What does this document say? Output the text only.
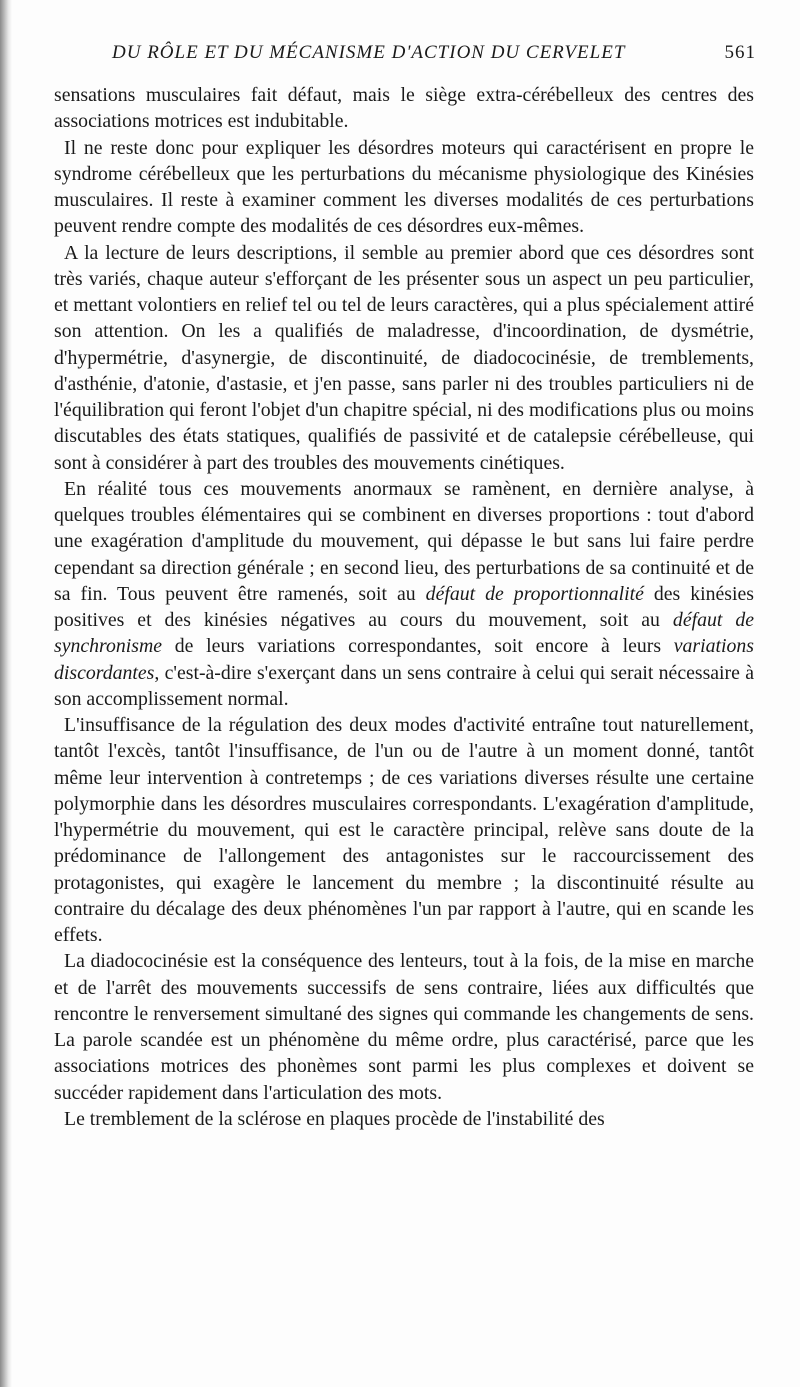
DU RÔLE ET DU MÉCANISME D'ACTION DU CERVELET	561

sensations musculaires fait défaut, mais le siège extra-cérébelleux des centres des associations motrices est indubitable.

Il ne reste donc pour expliquer les désordres moteurs qui caractérisent en propre le syndrome cérébelleux que les perturbations du mécanisme physiologique des Kinésies musculaires. Il reste à examiner comment les diverses modalités de ces perturbations peuvent rendre compte des modalités de ces désordres eux-mêmes.

A la lecture de leurs descriptions, il semble au premier abord que ces désordres sont très variés, chaque auteur s'efforçant de les présenter sous un aspect un peu particulier, et mettant volontiers en relief tel ou tel de leurs caractères, qui a plus spécialement attiré son attention. On les a qualifiés de maladresse, d'incoordination, de dysmétrie, d'hypermétrie, d'asynergie, de discontinuité, de diadococinésie, de tremblements, d'asthénie, d'atonie, d'astasie, et j'en passe, sans parler ni des troubles particuliers ni de l'équilibration qui feront l'objet d'un chapitre spécial, ni des modifications plus ou moins discutables des états statiques, qualifiés de passivité et de catalepsie cérébelleuse, qui sont à considérer à part des troubles des mouvements cinétiques.

En réalité tous ces mouvements anormaux se ramènent, en dernière analyse, à quelques troubles élémentaires qui se combinent en diverses proportions : tout d'abord une exagération d'amplitude du mouvement, qui dépasse le but sans lui faire perdre cependant sa direction générale ; en second lieu, des perturbations de sa continuité et de sa fin. Tous peuvent être ramenés, soit au défaut de proportionnalité des kinésies positives et des kinésies négatives au cours du mouvement, soit au défaut de synchronisme de leurs variations correspondantes, soit encore à leurs variations discordantes, c'est-à-dire s'exerçant dans un sens contraire à celui qui serait nécessaire à son accomplissement normal.

L'insuffisance de la régulation des deux modes d'activité entraîne tout naturellement, tantôt l'excès, tantôt l'insuffisance, de l'un ou de l'autre à un moment donné, tantôt même leur intervention à contretemps ; de ces variations diverses résulte une certaine polymorphie dans les désordres musculaires correspondants. L'exagération d'amplitude, l'hypermétrie du mouvement, qui est le caractère principal, relève sans doute de la prédominance de l'allongement des antagonistes sur le raccourcissement des protagonistes, qui exagère le lancement du membre ; la discontinuité résulte au contraire du décalage des deux phénomènes l'un par rapport à l'autre, qui en scande les effets.

La diadococinésie est la conséquence des lenteurs, tout à la fois, de la mise en marche et de l'arrêt des mouvements successifs de sens contraire, liées aux difficultés que rencontre le renversement simultané des signes qui commande les changements de sens. La parole scandée est un phénomène du même ordre, plus caractérisé, parce que les associations motrices des phonèmes sont parmi les plus complexes et doivent se succéder rapidement dans l'articulation des mots.

Le tremblement de la sclérose en plaques procède de l'instabilité des
